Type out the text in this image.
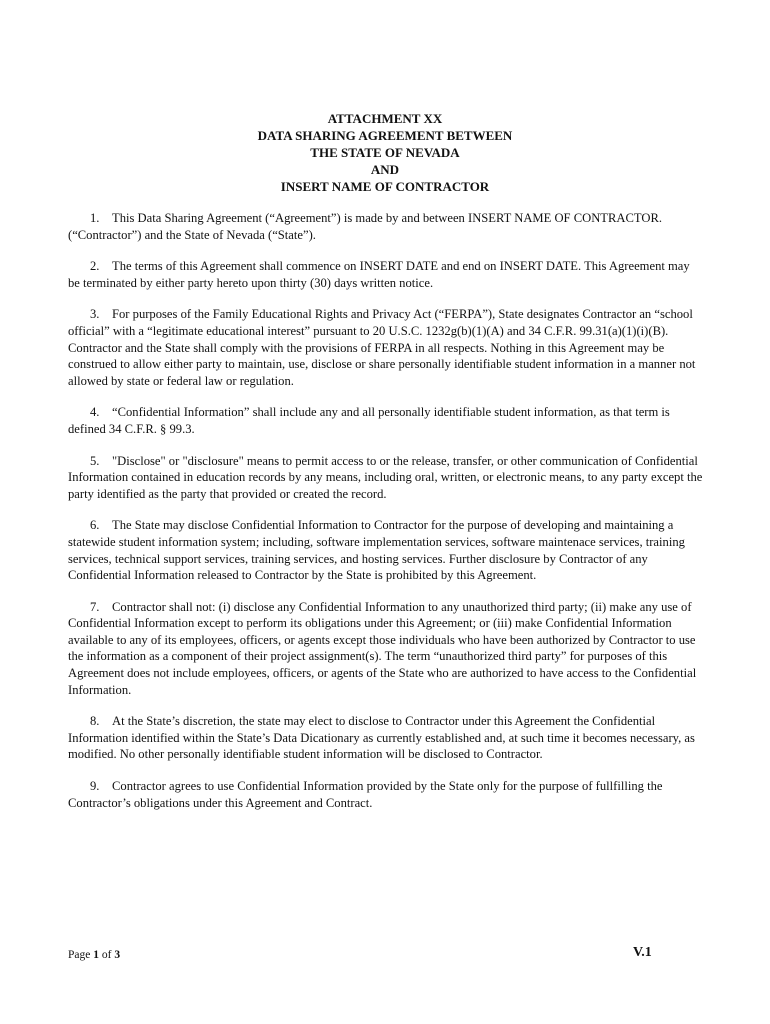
ATTACHMENT XX
DATA SHARING AGREEMENT BETWEEN
THE STATE OF NEVADA
AND
INSERT NAME OF CONTRACTOR

1. This Data Sharing Agreement (“Agreement”) is made by and between INSERT NAME OF CONTRACTOR. (“Contractor”) and the State of Nevada (“State”).

2. The terms of this Agreement shall commence on INSERT DATE and end on INSERT DATE. This Agreement may be terminated by either party hereto upon thirty (30) days written notice.

3. For purposes of the Family Educational Rights and Privacy Act (“FERPA”), State designates Contractor an “school official” with a “legitimate educational interest” pursuant to 20 U.S.C. 1232g(b)(1)(A) and 34 C.F.R. 99.31(a)(1)(i)(B). Contractor and the State shall comply with the provisions of FERPA in all respects. Nothing in this Agreement may be construed to allow either party to maintain, use, disclose or share personally identifiable student information in a manner not allowed by state or federal law or regulation.

4. “Confidential Information” shall include any and all personally identifiable student information, as that term is defined 34 C.F.R. § 99.3.

5. "Disclose" or "disclosure" means to permit access to or the release, transfer, or other communication of Confidential Information contained in education records by any means, including oral, written, or electronic means, to any party except the party identified as the party that provided or created the record.

6. The State may disclose Confidential Information to Contractor for the purpose of developing and maintaining a statewide student information system; including, software implementation services, software maintenace services, training services, technical support services, training services, and hosting services. Further disclosure by Contractor of any Confidential Information released to Contractor by the State is prohibited by this Agreement.

7. Contractor shall not: (i) disclose any Confidential Information to any unauthorized third party; (ii) make any use of Confidential Information except to perform its obligations under this Agreement; or (iii) make Confidential Information available to any of its employees, officers, or agents except those individuals who have been authorized by Contractor to use the information as a component of their project assignment(s). The term “unauthorized third party” for purposes of this Agreement does not include employees, officers, or agents of the State who are authorized to have access to the Confidential Information.

8. At the State’s discretion, the state may elect to disclose to Contractor under this Agreement the Confidential Information identified within the State’s Data Dicationary as currently established and, at such time it becomes necessary, as modified. No other personally identifiable student information will be disclosed to Contractor.

9. Contractor agrees to use Confidential Information provided by the State only for the purpose of fullfilling the Contractor’s obligations under this Agreement and Contract.

Page 1 of 3	V.1
